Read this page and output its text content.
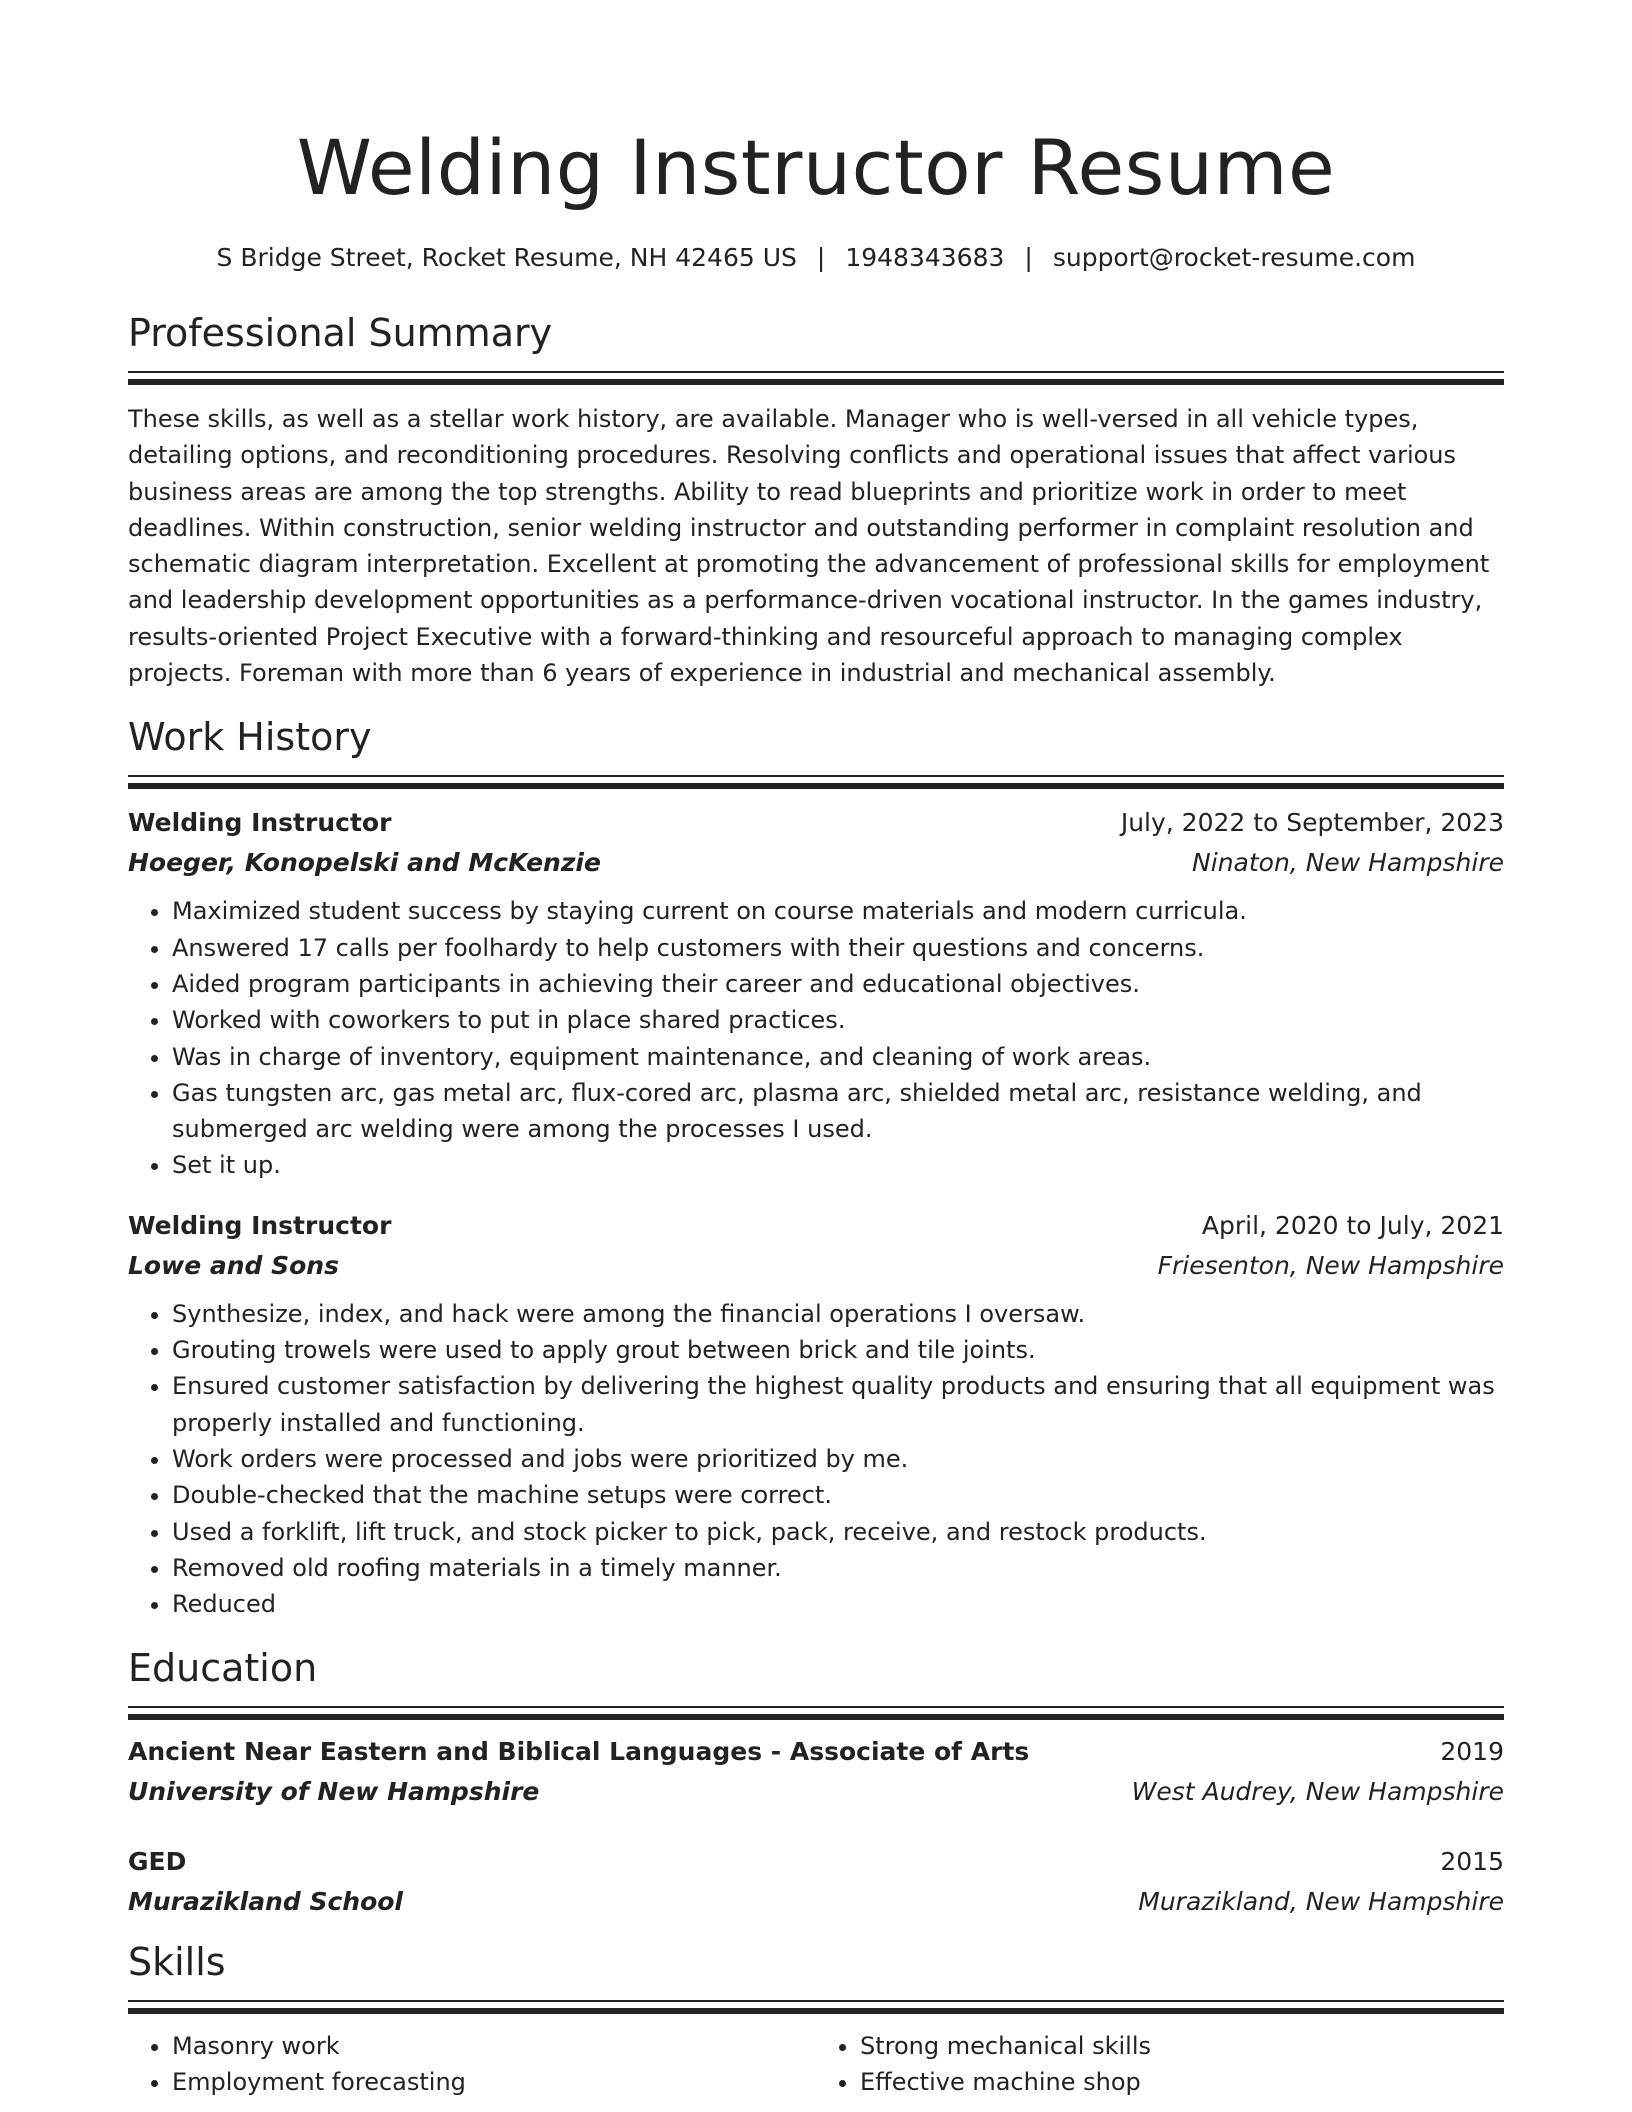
Welding Instructor Resume
S Bridge Street, Rocket Resume, NH 42465 US | 1948343683 | support@rocket-resume.com
Professional Summary

These skills, as well as a stellar work history, are available. Manager who is well-versed in all vehicle types, detailing options, and reconditioning procedures. Resolving conflicts and operational issues that affect various business areas are among the top strengths. Ability to read blueprints and prioritize work in order to meet deadlines. Within construction, senior welding instructor and outstanding performer in complaint resolution and schematic diagram interpretation. Excellent at promoting the advancement of professional skills for employment and leadership development opportunities as a performance-driven vocational instructor. In the games industry, results-oriented Project Executive with a forward-thinking and resourceful approach to managing complex projects. Foreman with more than 6 years of experience in industrial and mechanical assembly.

Work History
Welding Instructor	July, 2022 to September, 2023
Hoeger, Konopelski and McKenzie	Ninaton, New Hampshire
• Maximized student success by staying current on course materials and modern curricula.
• Answered 17 calls per foolhardy to help customers with their questions and concerns.
• Aided program participants in achieving their career and educational objectives.
• Worked with coworkers to put in place shared practices.
• Was in charge of inventory, equipment maintenance, and cleaning of work areas.
• Gas tungsten arc, gas metal arc, flux-cored arc, plasma arc, shielded metal arc, resistance welding, and submerged arc welding were among the processes I used.
• Set it up.
Welding Instructor	April, 2020 to July, 2021
Lowe and Sons	Friesenton, New Hampshire
• Synthesize, index, and hack were among the financial operations I oversaw.
• Grouting trowels were used to apply grout between brick and tile joints.
• Ensured customer satisfaction by delivering the highest quality products and ensuring that all equipment was properly installed and functioning.
• Work orders were processed and jobs were prioritized by me.
• Double-checked that the machine setups were correct.
• Used a forklift, lift truck, and stock picker to pick, pack, receive, and restock products.
• Removed old roofing materials in a timely manner.
• Reduced
Education
Ancient Near Eastern and Biblical Languages - Associate of Arts	2019
University of New Hampshire	West Audrey, New Hampshire
GED	2015
Murazikland School	Murazikland, New Hampshire
Skills
• Masonry work
• Employment forecasting
• Strong mechanical skills
• Effective machine shop
